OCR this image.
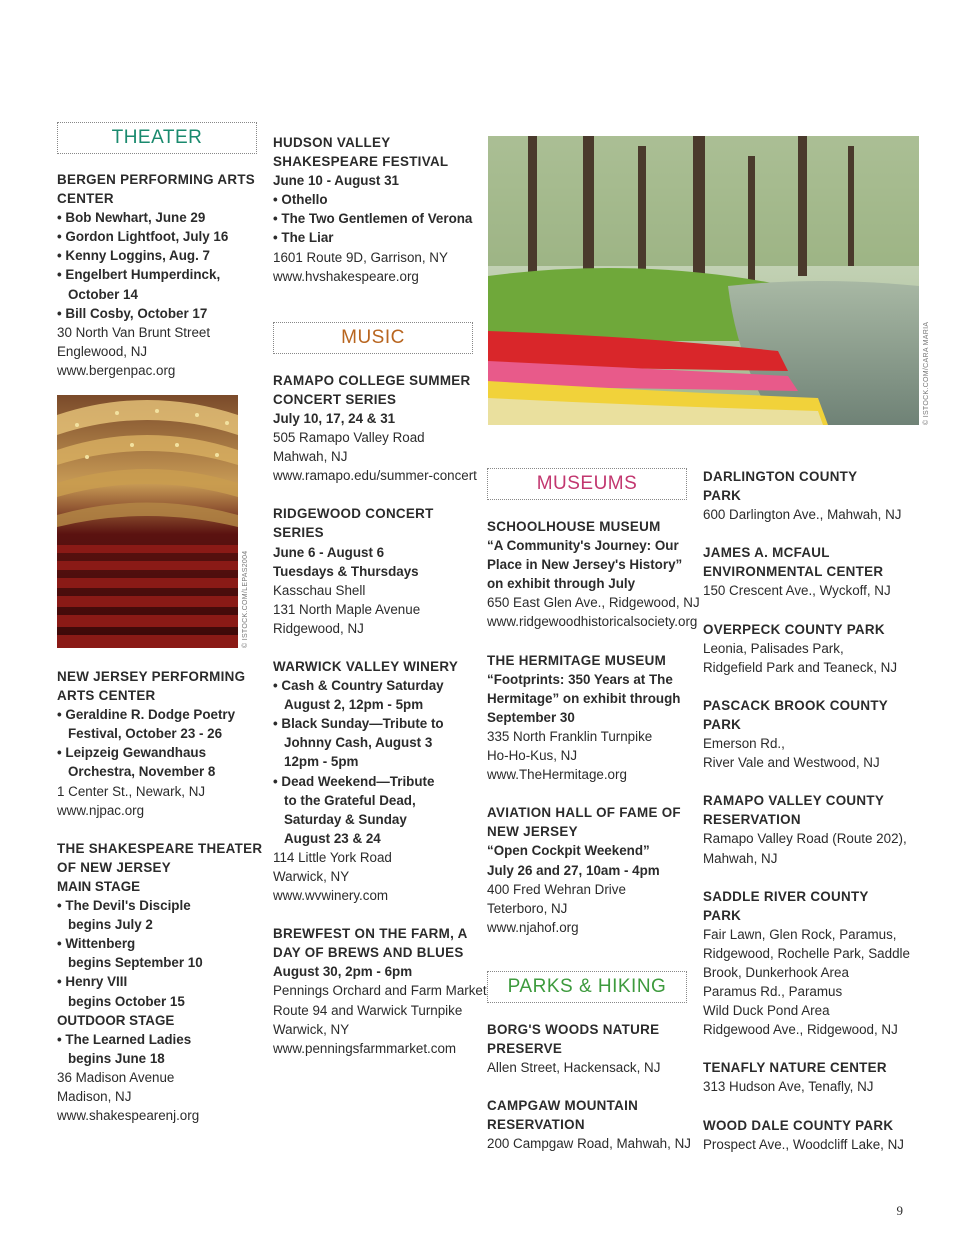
THEATER
BERGEN PERFORMING ARTS
CENTER
• Bob Newhart, June 29
• Gordon Lightfoot, July 16
• Kenny Loggins, Aug. 7
• Engelbert Humperdinck,
October 14
• Bill Cosby, October 17
30 North Van Brunt Street
Englewood, NJ
www.bergenpac.org
© ISTOCK.COM/LEPAS2004
NEW JERSEY PERFORMING
ARTS CENTER
• Geraldine R. Dodge Poetry
Festival, October 23 - 26
• Leipzeig Gewandhaus
Orchestra, November 8
1 Center St., Newark, NJ
www.njpac.org
THE SHAKESPEARE THEATER
OF NEW JERSEY
MAIN STAGE
• The Devil's Disciple
begins July 2
• Wittenberg
begins September 10
• Henry VIII
begins October 15
OUTDOOR STAGE
• The Learned Ladies
begins June 18
36 Madison Avenue
Madison, NJ
www.shakespearenj.org
HUDSON VALLEY
SHAKESPEARE FESTIVAL
June 10 - August 31
• Othello
• The Two Gentlemen of Verona
• The Liar
1601 Route 9D, Garrison, NY
www.hvshakespeare.org
MUSIC
RAMAPO COLLEGE SUMMER
CONCERT SERIES
July 10, 17, 24 & 31
505 Ramapo Valley Road
Mahwah, NJ
www.ramapo.edu/summer-concert
RIDGEWOOD CONCERT
SERIES
June 6 - August 6
Tuesdays & Thursdays
Kasschau Shell
131 North Maple Avenue
Ridgewood, NJ
WARWICK VALLEY WINERY
• Cash & Country Saturday
August 2, 12pm - 5pm
• Black Sunday—Tribute to
Johnny Cash, August 3
12pm - 5pm
• Dead Weekend—Tribute
to the Grateful Dead,
Saturday & Sunday
August 23 & 24
114 Little York Road
Warwick, NY
www.wvwinery.com
BREWFEST ON THE FARM, A
DAY OF BREWS AND BLUES
August 30, 2pm - 6pm
Pennings Orchard and Farm Market
Route 94 and Warwick Turnpike
Warwick, NY
www.penningsfarmmarket.com
© ISTOCK.COM/CARA MARIA
MUSEUMS
SCHOOLHOUSE MUSEUM
“A Community's Journey: Our
Place in New Jersey's History”
on exhibit through July
650 East Glen Ave., Ridgewood, NJ
www.ridgewoodhistoricalsociety.org
THE HERMITAGE MUSEUM
“Footprints: 350 Years at The
Hermitage” on exhibit through
September 30
335 North Franklin Turnpike
Ho-Ho-Kus, NJ
www.TheHermitage.org
AVIATION HALL OF FAME OF
NEW JERSEY
“Open Cockpit Weekend”
July 26 and 27, 10am - 4pm
400 Fred Wehran Drive
Teterboro, NJ
www.njahof.org
PARKS & HIKING
BORG'S WOODS NATURE
PRESERVE
Allen Street, Hackensack, NJ
CAMPGAW MOUNTAIN
RESERVATION
200 Campgaw Road, Mahwah, NJ
DARLINGTON COUNTY
PARK
600 Darlington Ave., Mahwah, NJ
JAMES A. MCFAUL
ENVIRONMENTAL CENTER
150 Crescent Ave., Wyckoff, NJ
OVERPECK COUNTY PARK
Leonia, Palisades Park,
Ridgefield Park and Teaneck, NJ
PASCACK BROOK COUNTY
PARK
Emerson Rd.,
River Vale and Westwood, NJ
RAMAPO VALLEY COUNTY
RESERVATION
Ramapo Valley Road (Route 202),
Mahwah, NJ
SADDLE RIVER COUNTY
PARK
Fair Lawn, Glen Rock, Paramus,
Ridgewood, Rochelle Park, Saddle
Brook, Dunkerhook Area
Paramus Rd., Paramus
Wild Duck Pond Area
Ridgewood Ave., Ridgewood, NJ
TENAFLY NATURE CENTER
313 Hudson Ave, Tenafly, NJ
WOOD DALE COUNTY PARK
Prospect Ave., Woodcliff Lake, NJ
9
